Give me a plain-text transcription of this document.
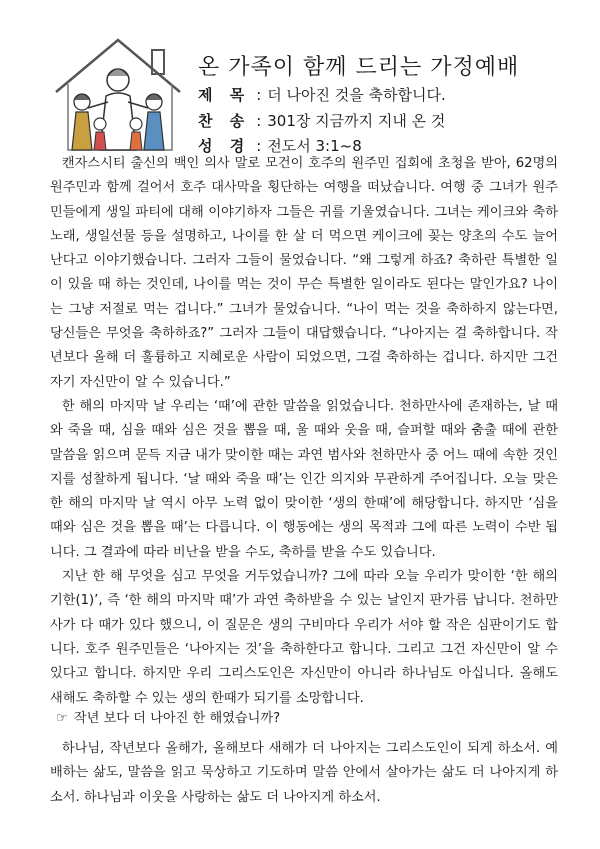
온 가족이 함께 드리는 가정예배
제 목 : 더 나아진 것을 축하합니다.
찬 송 : 301장 지금까지 지내 온 것
성 경 : 전도서 3:1~8

캔자스시티 출신의 백인 의사 말로 모건이 호주의 원주민 집회에 초청을 받아, 62명의 원주민과 함께 걸어서 호주 대사막을 횡단하는 여행을 떠났습니다. 여행 중 그녀가 원주민들에게 생일 파티에 대해 이야기하자 그들은 귀를 기울였습니다. 그녀는 케이크와 축하 노래, 생일선물 등을 설명하고, 나이를 한 살 더 먹으면 케이크에 꽂는 양초의 수도 늘어난다고 이야기했습니다. 그러자 그들이 물었습니다. “왜 그렇게 하죠? 축하란 특별한 일이 있을 때 하는 것인데, 나이를 먹는 것이 무슨 특별한 일이라도 된다는 말인가요? 나이는 그냥 저절로 먹는 겁니다.” 그녀가 물었습니다. “나이 먹는 것을 축하하지 않는다면, 당신들은 무엇을 축하하죠?” 그러자 그들이 대답했습니다. “나아지는 걸 축하합니다. 작년보다 올해 더 훌륭하고 지혜로운 사람이 되었으면, 그걸 축하하는 겁니다. 하지만 그건 자기 자신만이 알 수 있습니다.”

한 해의 마지막 날 우리는 ‘때’에 관한 말씀을 읽었습니다. 천하만사에 존재하는, 날 때와 죽을 때, 심을 때와 심은 것을 뽑을 때, 울 때와 웃을 때, 슬퍼할 때와 춤출 때에 관한 말씀을 읽으며 문득 지금 내가 맞이한 때는 과연 범사와 천하만사 중 어느 때에 속한 것인지를 성찰하게 됩니다. ‘날 때와 죽을 때’는 인간 의지와 무관하게 주어집니다. 오늘 맞은 한 해의 마지막 날 역시 아무 노력 없이 맞이한 ‘생의 한때’에 해당합니다. 하지만 ‘심을 때와 심은 것을 뽑을 때’는 다릅니다. 이 행동에는 생의 목적과 그에 따른 노력이 수반 됩니다. 그 결과에 따라 비난을 받을 수도, 축하를 받을 수도 있습니다.

지난 한 해 무엇을 심고 무엇을 거두었습니까? 그에 따라 오늘 우리가 맞이한 ‘한 해의 기한(1)’, 즉 ‘한 해의 마지막 때’가 과연 축하받을 수 있는 날인지 판가름 납니다. 천하만사가 다 때가 있다 했으니, 이 질문은 생의 구비마다 우리가 서야 할 작은 심판이기도 합니다. 호주 원주민들은 ‘나아지는 것’을 축하한다고 합니다. 그리고 그건 자신만이 알 수 있다고 합니다. 하지만 우리 그리스도인은 자신만이 아니라 하나님도 아십니다. 올해도 새해도 축하할 수 있는 생의 한때가 되기를 소망합니다.

☞ 작년 보다 더 나아진 한 해였습니까?

하나님, 작년보다 올해가, 올해보다 새해가 더 나아지는 그리스도인이 되게 하소서. 예배하는 삶도, 말씀을 읽고 묵상하고 기도하며 말씀 안에서 살아가는 삶도 더 나아지게 하소서. 하나님과 이웃을 사랑하는 삶도 더 나아지게 하소서.
